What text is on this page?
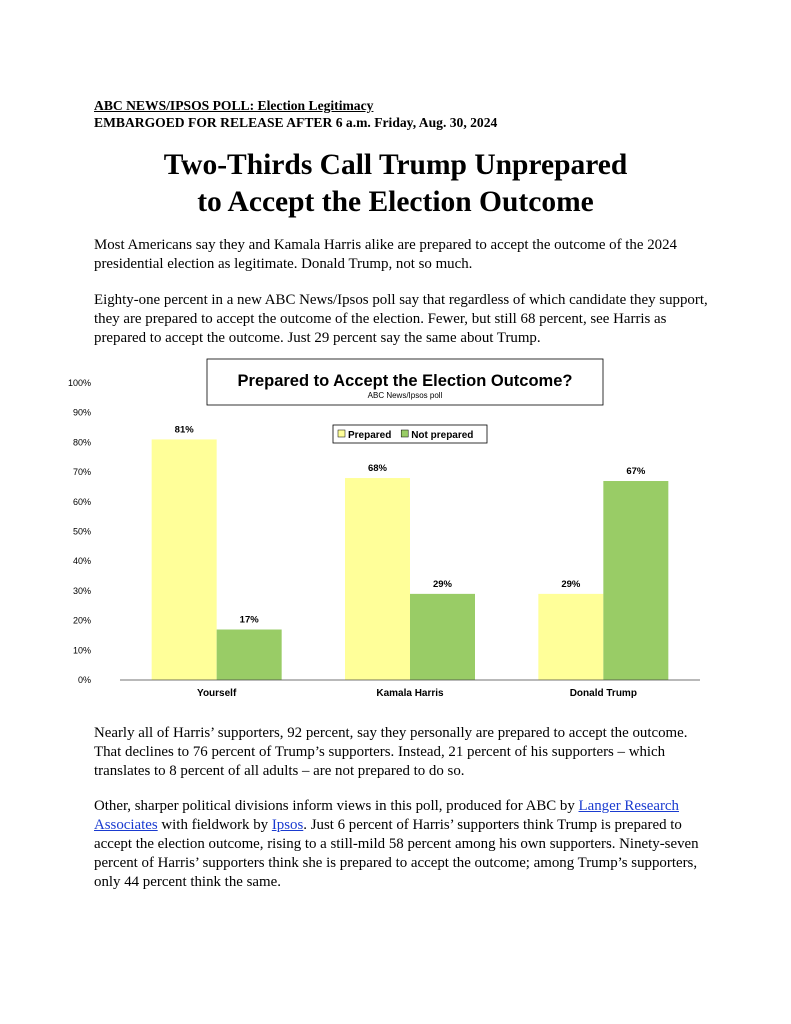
ABC NEWS/IPSOS POLL: Election Legitimacy
EMBARGOED FOR RELEASE AFTER 6 a.m. Friday, Aug. 30, 2024
Two-Thirds Call Trump Unprepared
to Accept the Election Outcome

Most Americans say they and Kamala Harris alike are prepared to accept the outcome of the 2024 presidential election as legitimate. Donald Trump, not so much.

Eighty-one percent in a new ABC News/Ipsos poll say that regardless of which candidate they support, they are prepared to accept the outcome of the election. Fewer, but still 68 percent, see Harris as prepared to accept the outcome. Just 29 percent say the same about Trump.

0%
10%
20%
30%
40%
50%
60%
70%
80%
90%
100%
81%
17%
Yourself
68%
29%
Kamala Harris
29%
67%
Donald Trump
Prepared to Accept the Election Outcome?
ABC News/Ipsos poll
Prepared Not prepared

Nearly all of Harris’ supporters, 92 percent, say they personally are prepared to accept the outcome. That declines to 76 percent of Trump’s supporters. Instead, 21 percent of his supporters – which translates to 8 percent of all adults – are not prepared to do so.

Other, sharper political divisions inform views in this poll, produced for ABC by Langer Research Associates with fieldwork by Ipsos. Just 6 percent of Harris’ supporters think Trump is prepared to accept the election outcome, rising to a still-mild 58 percent among his own supporters. Ninety-seven percent of Harris’ supporters think she is prepared to accept the outcome; among Trump’s supporters, only 44 percent think the same.
